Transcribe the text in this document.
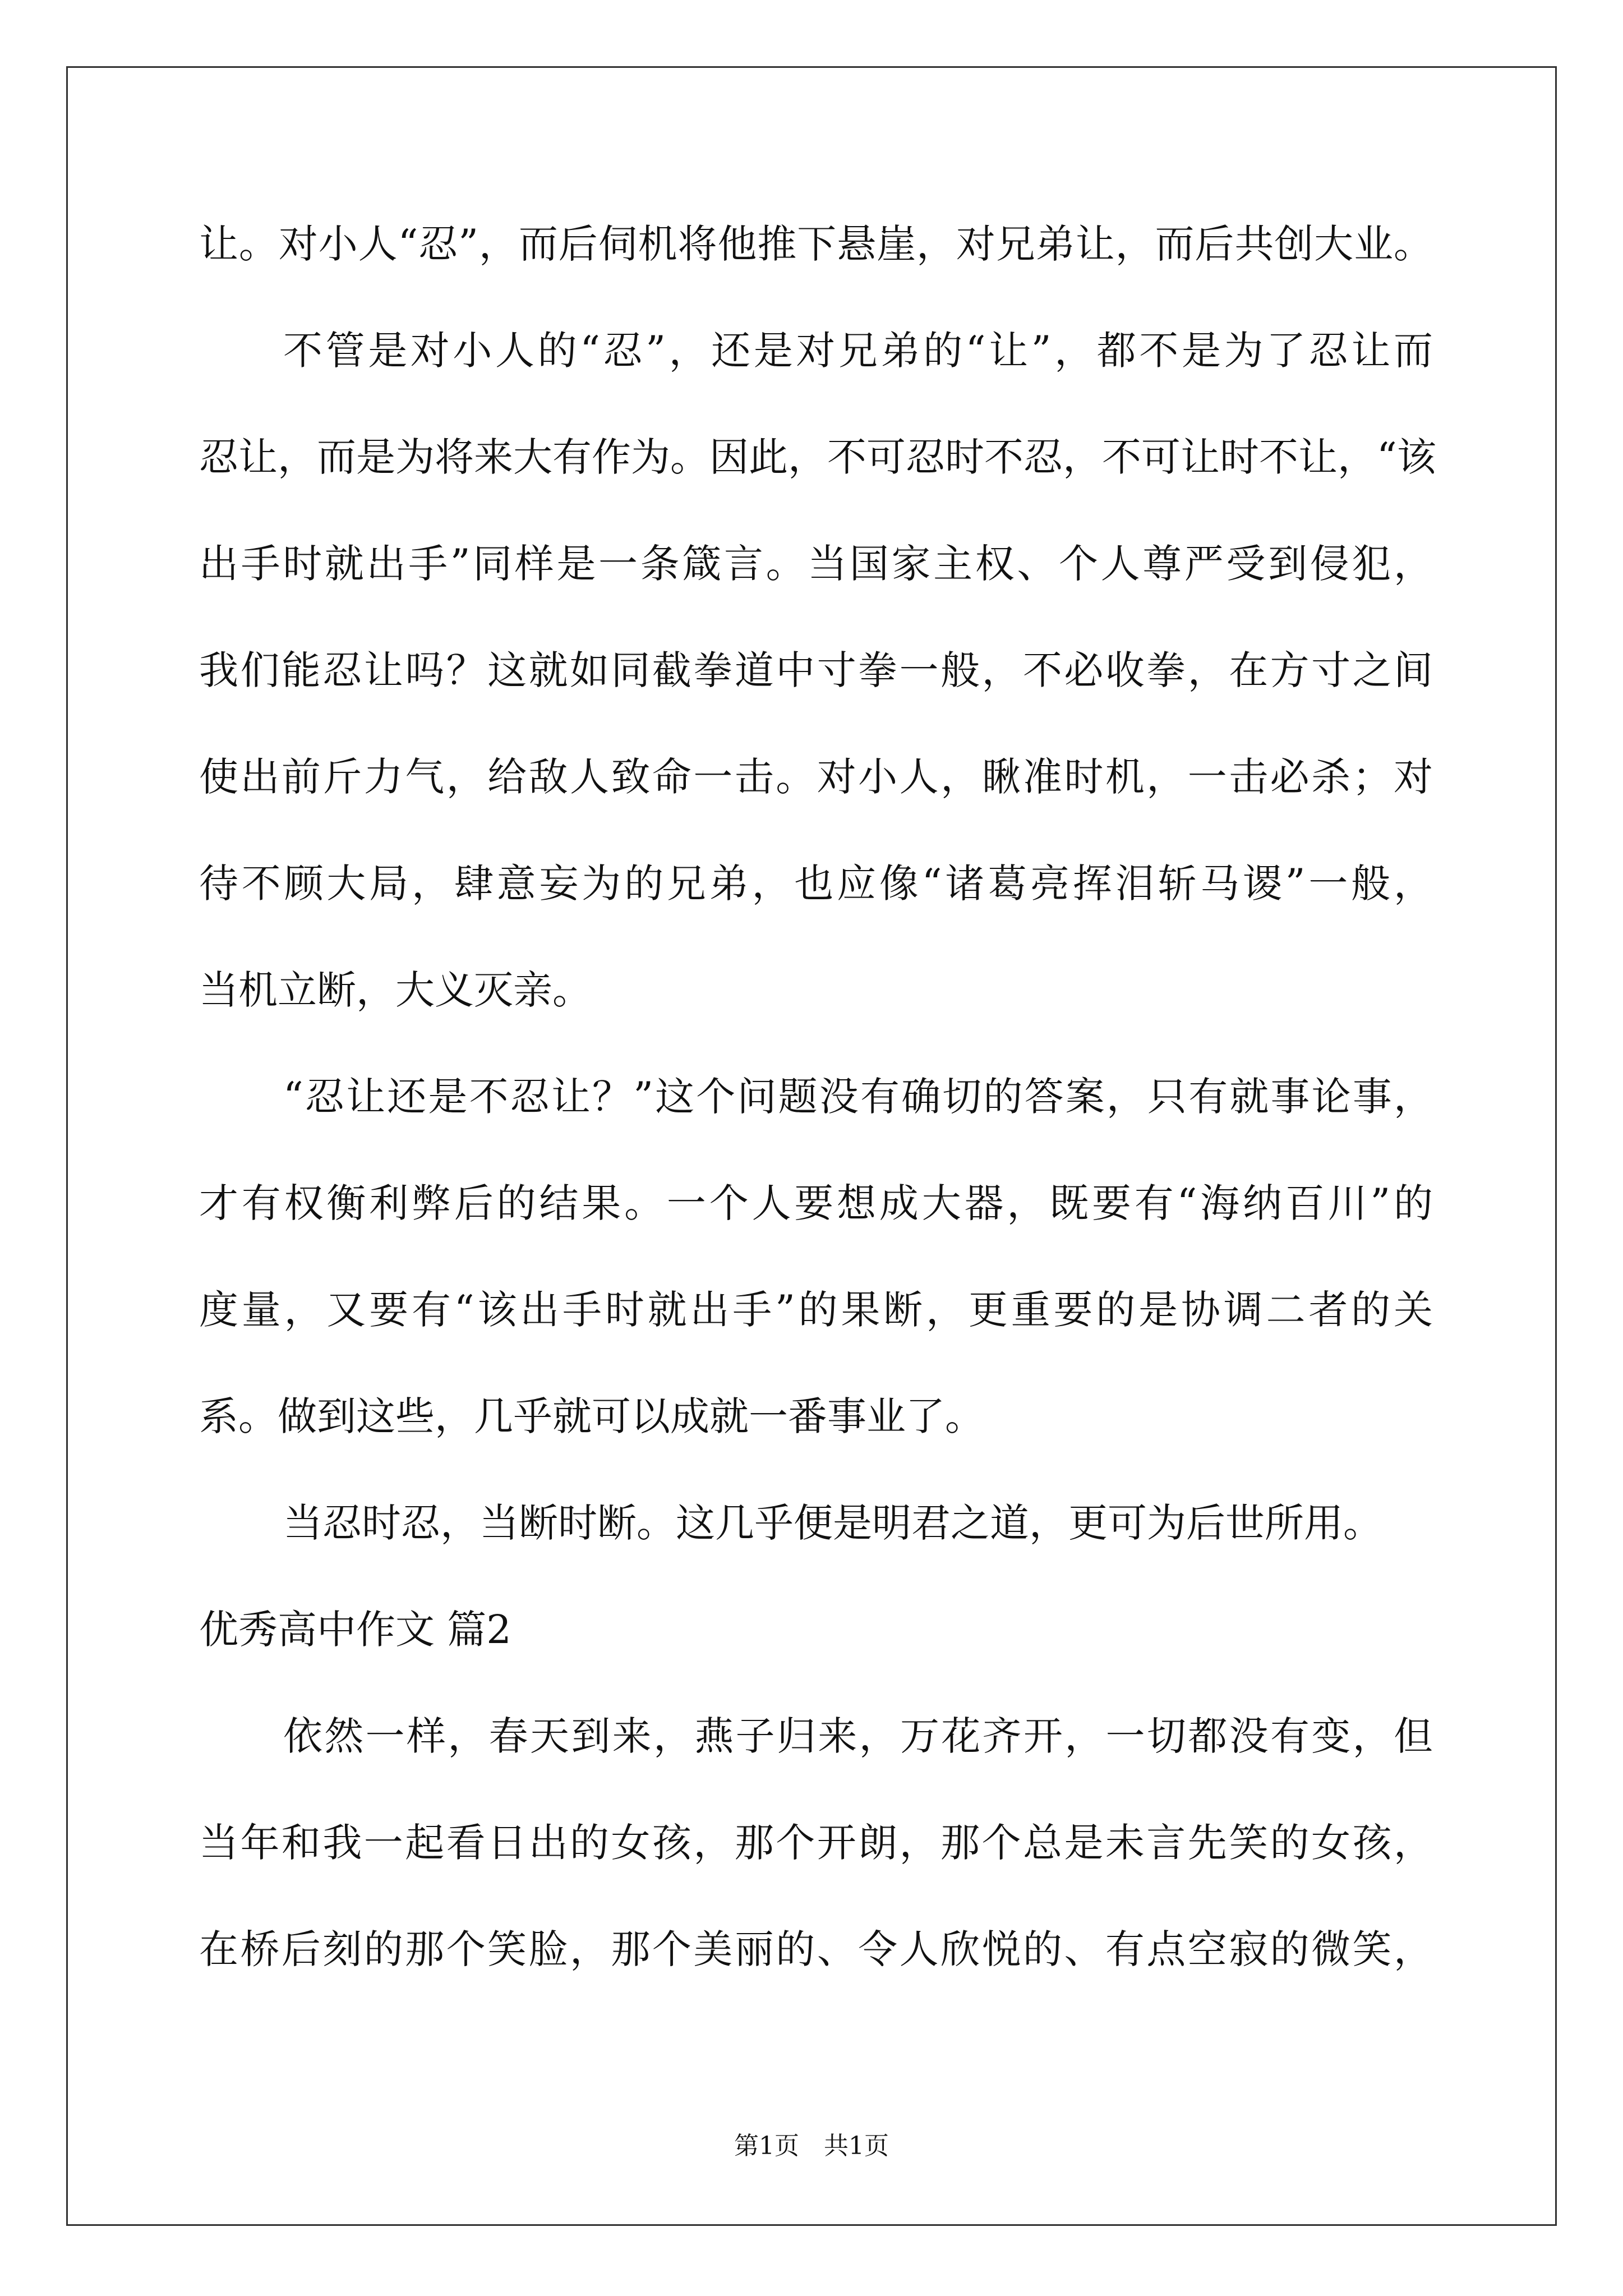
让。对小人“忍”，而后伺机将他推下悬崖，对兄弟让，而后共创大业。
不管是对小人的“忍”，还是对兄弟的“让”，都不是为了忍让而
忍让，而是为将来大有作为。因此，不可忍时不忍，不可让时不让，“该
出手时就出手”同样是一条箴言。当国家主权、个人尊严受到侵犯，
我们能忍让吗？这就如同截拳道中寸拳一般，不必收拳，在方寸之间
使出前斤力气，给敌人致命一击。对小人，瞅准时机，一击必杀；对
待不顾大局，肆意妄为的兄弟，也应像“诸葛亮挥泪斩马谡”一般，
当机立断，大义灭亲。
“忍让还是不忍让？”这个问题没有确切的答案，只有就事论事，
才有权衡利弊后的结果。一个人要想成大器，既要有“海纳百川”的
度量，又要有“该出手时就出手”的果断，更重要的是协调二者的关
系。做到这些，几乎就可以成就一番事业了。
当忍时忍，当断时断。这几乎便是明君之道，更可为后世所用。
优秀高中作文 篇2
依然一样，春天到来，燕子归来，万花齐开，一切都没有变，但
当年和我一起看日出的女孩，那个开朗，那个总是未言先笑的女孩，
在桥后刻的那个笑脸，那个美丽的、令人欣悦的、有点空寂的微笑，
第1页　共1页
